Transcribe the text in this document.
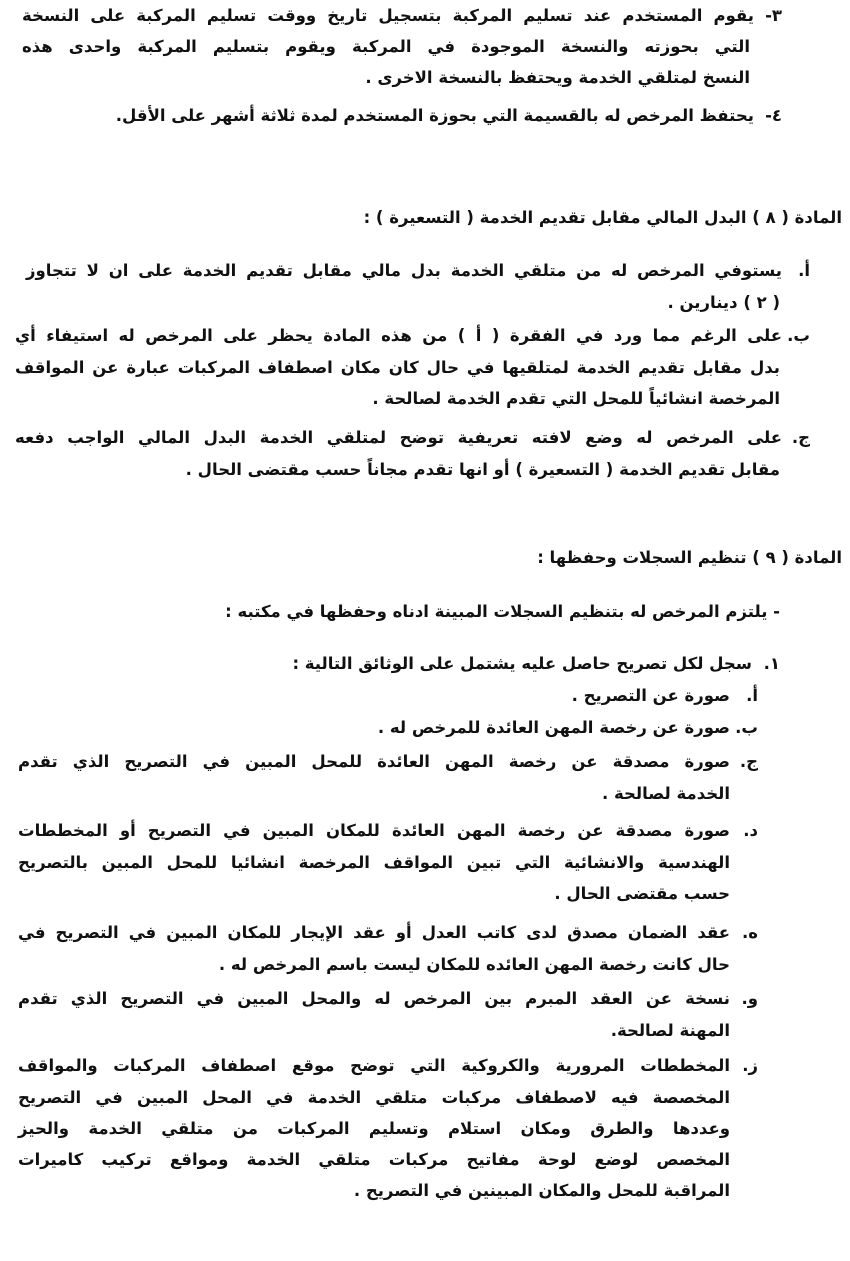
٣-يقوم المستخدم عند تسليم المركبة بتسجيل تاريخ ووقت تسليم المركبة على النسخة
التي بحوزته والنسخة الموجودة في المركبة ويقوم بتسليم المركبة واحدى هذه
النسخ لمتلقي الخدمة ويحتفظ بالنسخة الاخرى .
٤-يحتفظ المرخص له بالقسيمة التي بحوزة المستخدم لمدة ثلاثة أشهر على الأقل.
المادة ( ٨ ) البدل المالي مقابل تقديم الخدمة ( التسعيرة ) :
أ.يستوفي المرخص له من متلقي الخدمة بدل مالي مقابل تقديم الخدمة على ان لا تتجاوز
( ٢ ) دينارين .
ب.على الرغم مما ورد في الفقرة ( أ ) من هذه المادة يحظر على المرخص له استيفاء أي
بدل مقابل تقديم الخدمة لمتلقيها في حال كان مكان اصطفاف المركبات عبارة عن المواقف
المرخصة انشائياً للمحل التي تقدم الخدمة لصالحة .
ج.على المرخص له وضع لافته تعريفية توضح لمتلقي الخدمة البدل المالي الواجب دفعه
مقابل تقديم الخدمة ( التسعيرة ) أو انها تقدم مجاناً حسب مقتضى الحال .
المادة ( ٩ ) تنظيم السجلات وحفظها :
- يلتزم المرخص له بتنظيم السجلات المبينة ادناه وحفظها في مكتبه :
١.سجل لكل تصريح حاصل عليه يشتمل على الوثائق التالية :
أ.صورة عن التصريح .
ب.صورة عن رخصة المهن العائدة للمرخص له .
ج.صورة مصدقة عن رخصة المهن العائدة للمحل المبين في التصريح الذي تقدم
الخدمة لصالحة .
د.صورة مصدقة عن رخصة المهن العائدة للمكان المبين في التصريح أو المخططات
الهندسية والانشائية التي تبين المواقف المرخصة انشائيا للمحل المبين بالتصريح
حسب مقتضى الحال .
ه.عقد الضمان مصدق لدى كاتب العدل أو عقد الإيجار للمكان المبين في التصريح في
حال كانت رخصة المهن العائده للمكان ليست باسم المرخص له .
و.نسخة عن العقد المبرم بين المرخص له والمحل المبين في التصريح الذي تقدم
المهنة لصالحة.
ز.المخططات المرورية والكروكية التي توضح موقع اصطفاف المركبات والمواقف
المخصصة فيه لاصطفاف مركبات متلقي الخدمة في المحل المبين في التصريح
وعددها والطرق ومكان استلام وتسليم المركبات من متلقي الخدمة والحيز
المخصص لوضع لوحة مفاتيح مركبات متلقي الخدمة ومواقع تركيب كاميرات
المراقبة للمحل والمكان المبينين في التصريح .
